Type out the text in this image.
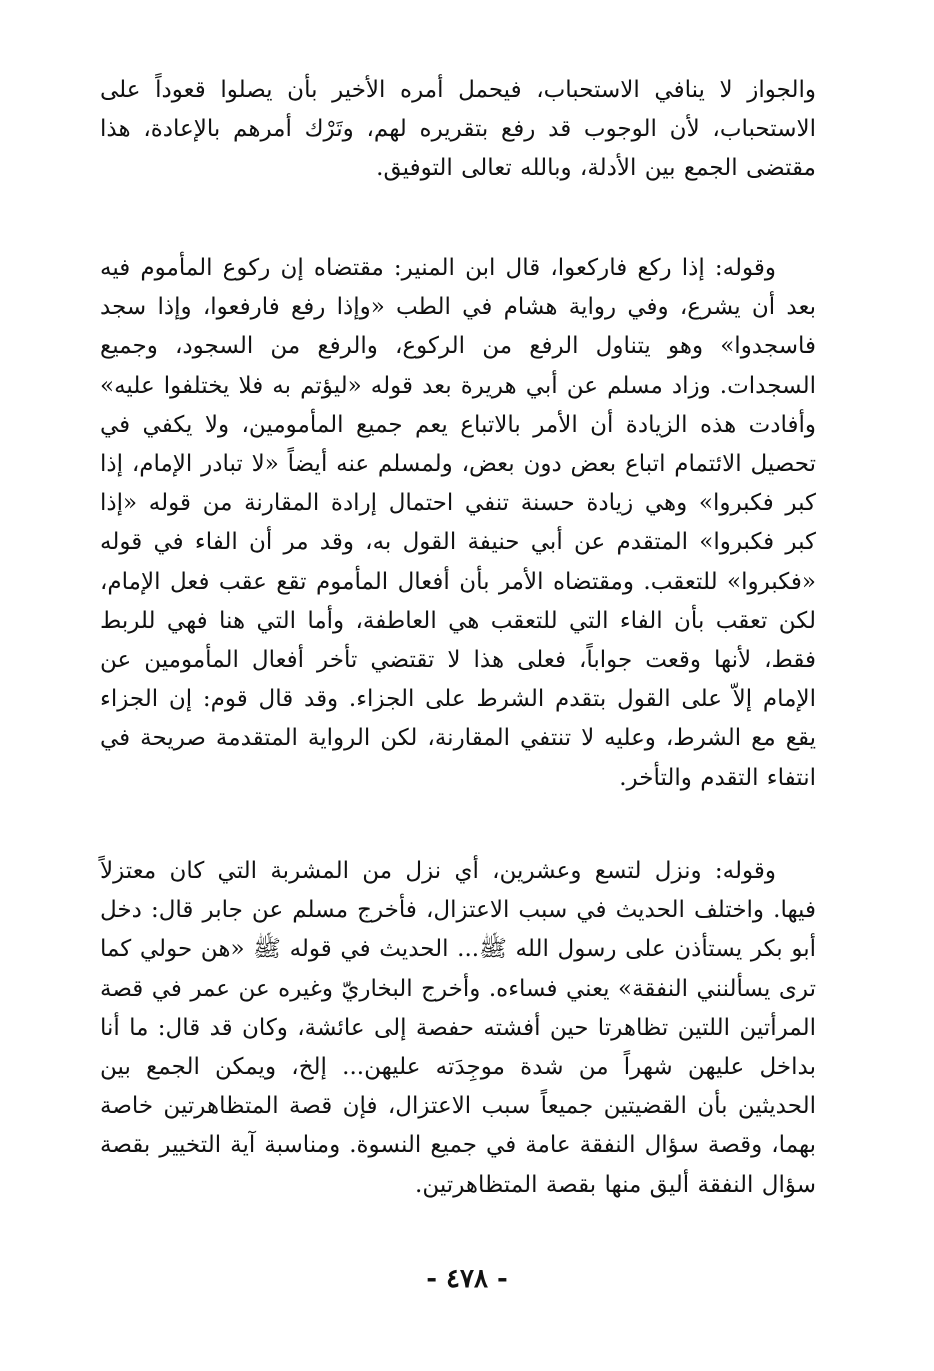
والجواز لا ينافي الاستحباب، فيحمل أمره الأخير بأن يصلوا قعوداً على الاستحباب، لأن الوجوب قد رفع بتقريره لهم، وتَرْك أمرهم بالإعادة، هذا مقتضى الجمع بين الأدلة، وبالله تعالى التوفيق.

وقوله: إذا ركع فاركعوا، قال ابن المنير: مقتضاه إن ركوع المأموم فيه بعد أن يشرع، وفي رواية هشام في الطب «وإذا رفع فارفعوا، وإذا سجد فاسجدوا» وهو يتناول الرفع من الركوع، والرفع من السجود، وجميع السجدات. وزاد مسلم عن أبي هريرة بعد قوله «ليؤتم به فلا يختلفوا عليه» وأفادت هذه الزيادة أن الأمر بالاتباع يعم جميع المأمومين، ولا يكفي في تحصيل الائتمام اتباع بعض دون بعض، ولمسلم عنه أيضاً «لا تبادر الإمام، إذا كبر فكبروا» وهي زيادة حسنة تنفي احتمال إرادة المقارنة من قوله «إذا كبر فكبروا» المتقدم عن أبي حنيفة القول به، وقد مر أن الفاء في قوله «فكبروا» للتعقب. ومقتضاه الأمر بأن أفعال المأموم تقع عقب فعل الإمام، لكن تعقب بأن الفاء التي للتعقب هي العاطفة، وأما التي هنا فهي للربط فقط، لأنها وقعت جواباً، فعلى هذا لا تقتضي تأخر أفعال المأمومين عن الإمام إلاّ على القول بتقدم الشرط على الجزاء. وقد قال قوم: إن الجزاء يقع مع الشرط، وعليه لا تنتفي المقارنة، لكن الرواية المتقدمة صريحة في انتفاء التقدم والتأخر.

وقوله: ونزل لتسع وعشرين، أي نزل من المشربة التي كان معتزلاً فيها. واختلف الحديث في سبب الاعتزال، فأخرج مسلم عن جابر قال: دخل أبو بكر يستأذن على رسول الله ﷺ... الحديث في قوله ﷺ «هن حولي كما ترى يسألنني النفقة» يعني فساءه. وأخرج البخاريّ وغيره عن عمر في قصة المرأتين اللتين تظاهرتا حين أفشته حفصة إلى عائشة، وكان قد قال: ما أنا بداخل عليهن شهراً من شدة موجِدَته عليهن... إلخ، ويمكن الجمع بين الحديثين بأن القضيتين جميعاً سبب الاعتزال، فإن قصة المتظاهرتين خاصة بهما، وقصة سؤال النفقة عامة في جميع النسوة. ومناسبة آية التخيير بقصة سؤال النفقة أليق منها بقصة المتظاهرتين.

- ٤٧٨ -
